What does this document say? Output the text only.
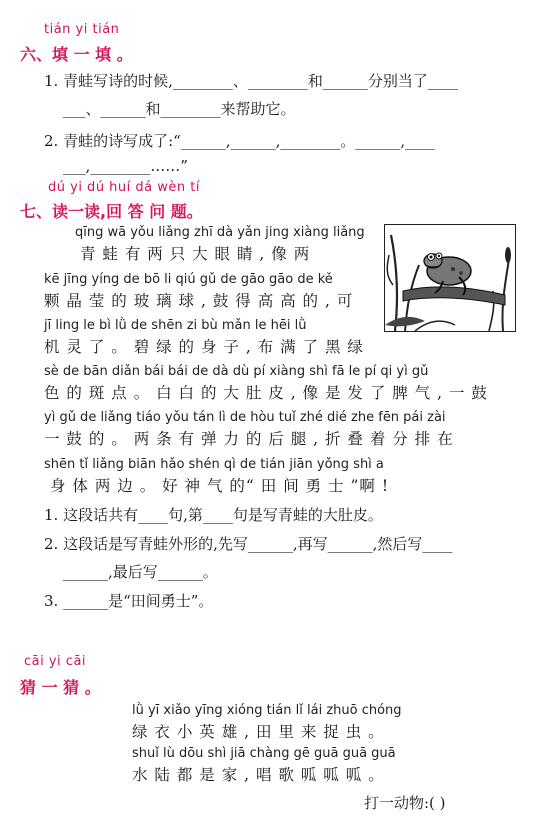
tián yi tián
六、填 一 填 。
1. 青蛙写诗的时候,________、________和______分别当了____
___、______和________来帮助它。
2. 青蛙的诗写成了:“______,______,________。______,____
___,________……”
dú yi dú huí dá wèn tí
七、读一读,回 答 问 题。
qīng wā yǒu liǎng zhī dà yǎn jing xiàng liǎng
青 蛙 有 两 只 大 眼 睛 , 像 两
kē jīng yíng de bō li qiú gǔ de gāo gāo de kě
颗 晶 莹 的 玻 璃 球 , 鼓 得 高 高 的 , 可
jī ling le bì lǜ de shēn zi bù mǎn le hēi lǜ
机 灵 了 。 碧 绿 的 身 子 , 布 满 了 黑 绿
sè de bān diǎn bái bái de dà dù pí xiàng shì fā le pí qi yì gǔ
色 的 斑 点 。 白 白 的 大 肚 皮 , 像 是 发 了 脾 气 , 一 鼓
yì gǔ de liǎng tiáo yǒu tán lì de hòu tuǐ zhé dié zhe fēn pái zài
一 鼓 的 。 两 条 有 弹 力 的 后 腿 , 折 叠 着 分 排 在
shēn tǐ liǎng biān hǎo shén qì de tián jiān yǒng shì a
身 体 两 边 。 好 神 气 的“ 田 间 勇 士 ”啊 !
1. 这段话共有____句,第____句是写青蛙的大肚皮。
2. 这段话是写青蛙外形的,先写______,再写______,然后写____
______,最后写______。
3. ______是“田间勇士”。
cāi yi cāi
猜 一 猜 。
lǜ yī xiǎo yīng xióng tián lǐ lái zhuō chóng
绿 衣 小 英 雄 , 田 里 来 捉 虫 。
shuǐ lù dōu shì jiā chàng gē guā guā guā
水 陆 都 是 家 , 唱 歌 呱 呱 呱 。
打一动物:( )
